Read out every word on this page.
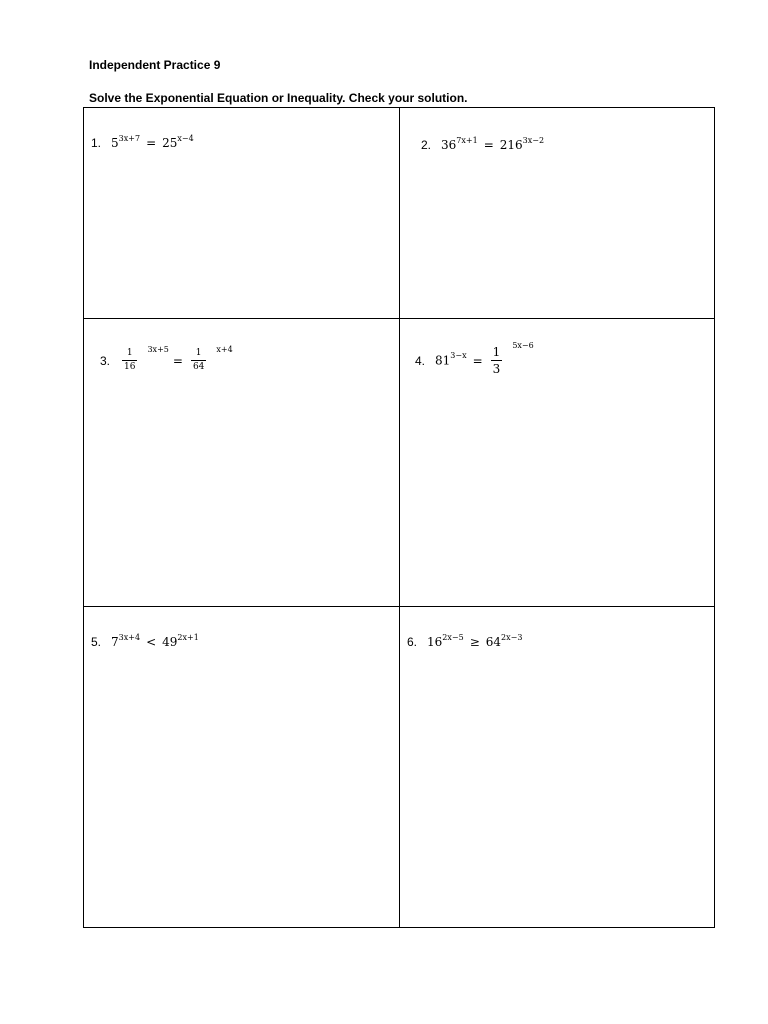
Independent Practice 9
Solve the Exponential Equation or Inequality. Check your solution.
1. $5^{3x+7} = 25^{x-4}$	2. $36^{7x+1} = 216^{3x-2}$
3. $\frac{1}{16} 3x+5= \frac{1}{64} x+4$
4. $81^{3-x} = \frac{1}{3} 5x-6$
5. $7^{3x+4} < 49^{2x+1}$	6. $16^{2x-5} \ge 64^{2x-3}$
